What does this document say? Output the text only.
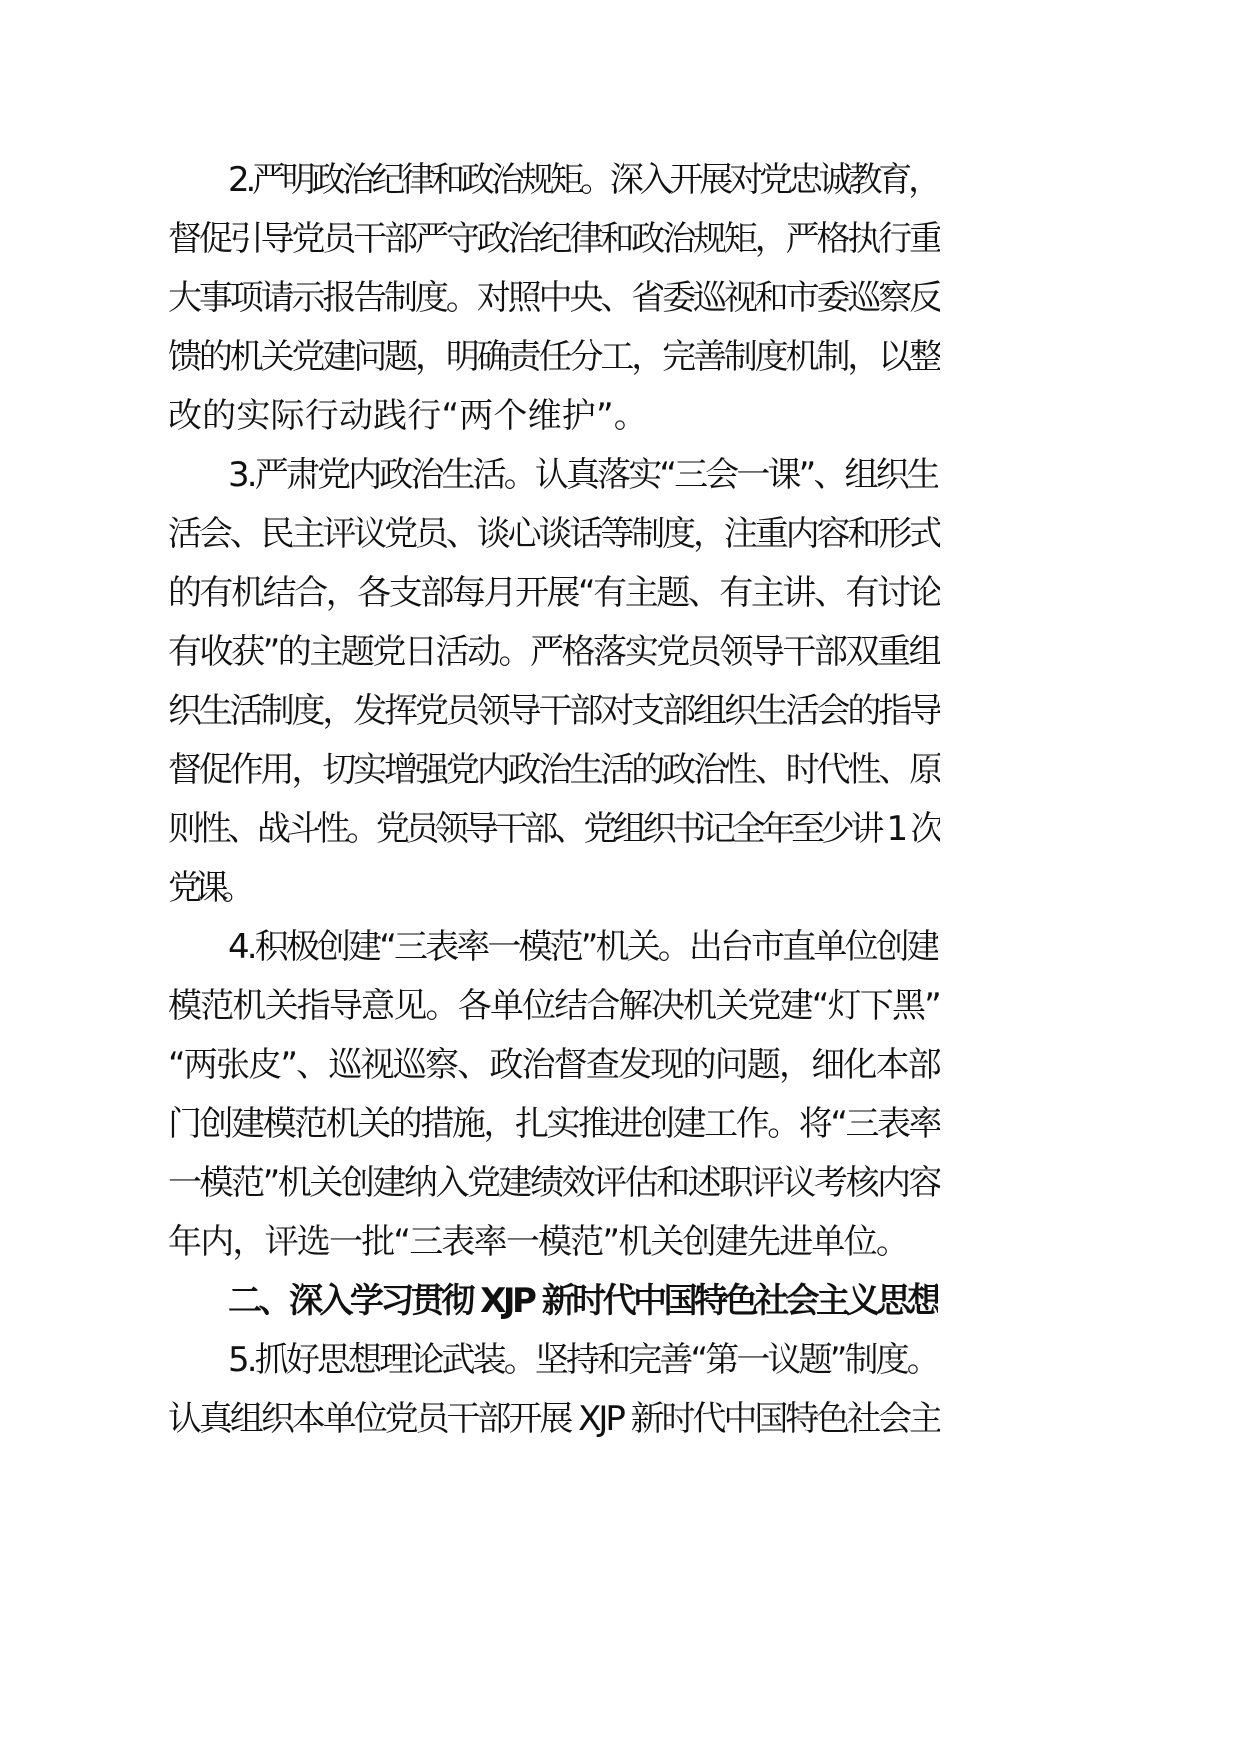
2.严明政治纪律和政治规矩。深入开展对党忠诚教育，
督促引导党员干部严守政治纪律和政治规矩，严格执行重
大事项请示报告制度。对照中央、省委巡视和市委巡察反
馈的机关党建问题，明确责任分工，完善制度机制，以整
改的实际行动践行“两个维护”。
3.严肃党内政治生活。认真落实“三会一课”、组织生
活会、民主评议党员、谈心谈话等制度，注重内容和形式
的有机结合，各支部每月开展“有主题、有主讲、有讨论
有收获”的主题党日活动。严格落实党员领导干部双重组
织生活制度，发挥党员领导干部对支部组织生活会的指导
督促作用，切实增强党内政治生活的政治性、时代性、原
则性、战斗性。党员领导干部、党组织书记全年至少讲 1 次
党课。
4.积极创建“三表率一模范”机关。出台市直单位创建
模范机关指导意见。各单位结合解决机关党建“灯下黑”
“两张皮”、巡视巡察、政治督查发现的问题，细化本部
门创建模范机关的措施，扎实推进创建工作。将“三表率
一模范”机关创建纳入党建绩效评估和述职评议考核内容
年内，评选一批“三表率一模范”机关创建先进单位。
二、深入学习贯彻 XJP 新时代中国特色社会主义思想
5.抓好思想理论武装。坚持和完善“第一议题”制度。
认真组织本单位党员干部开展 XJP 新时代中国特色社会主
